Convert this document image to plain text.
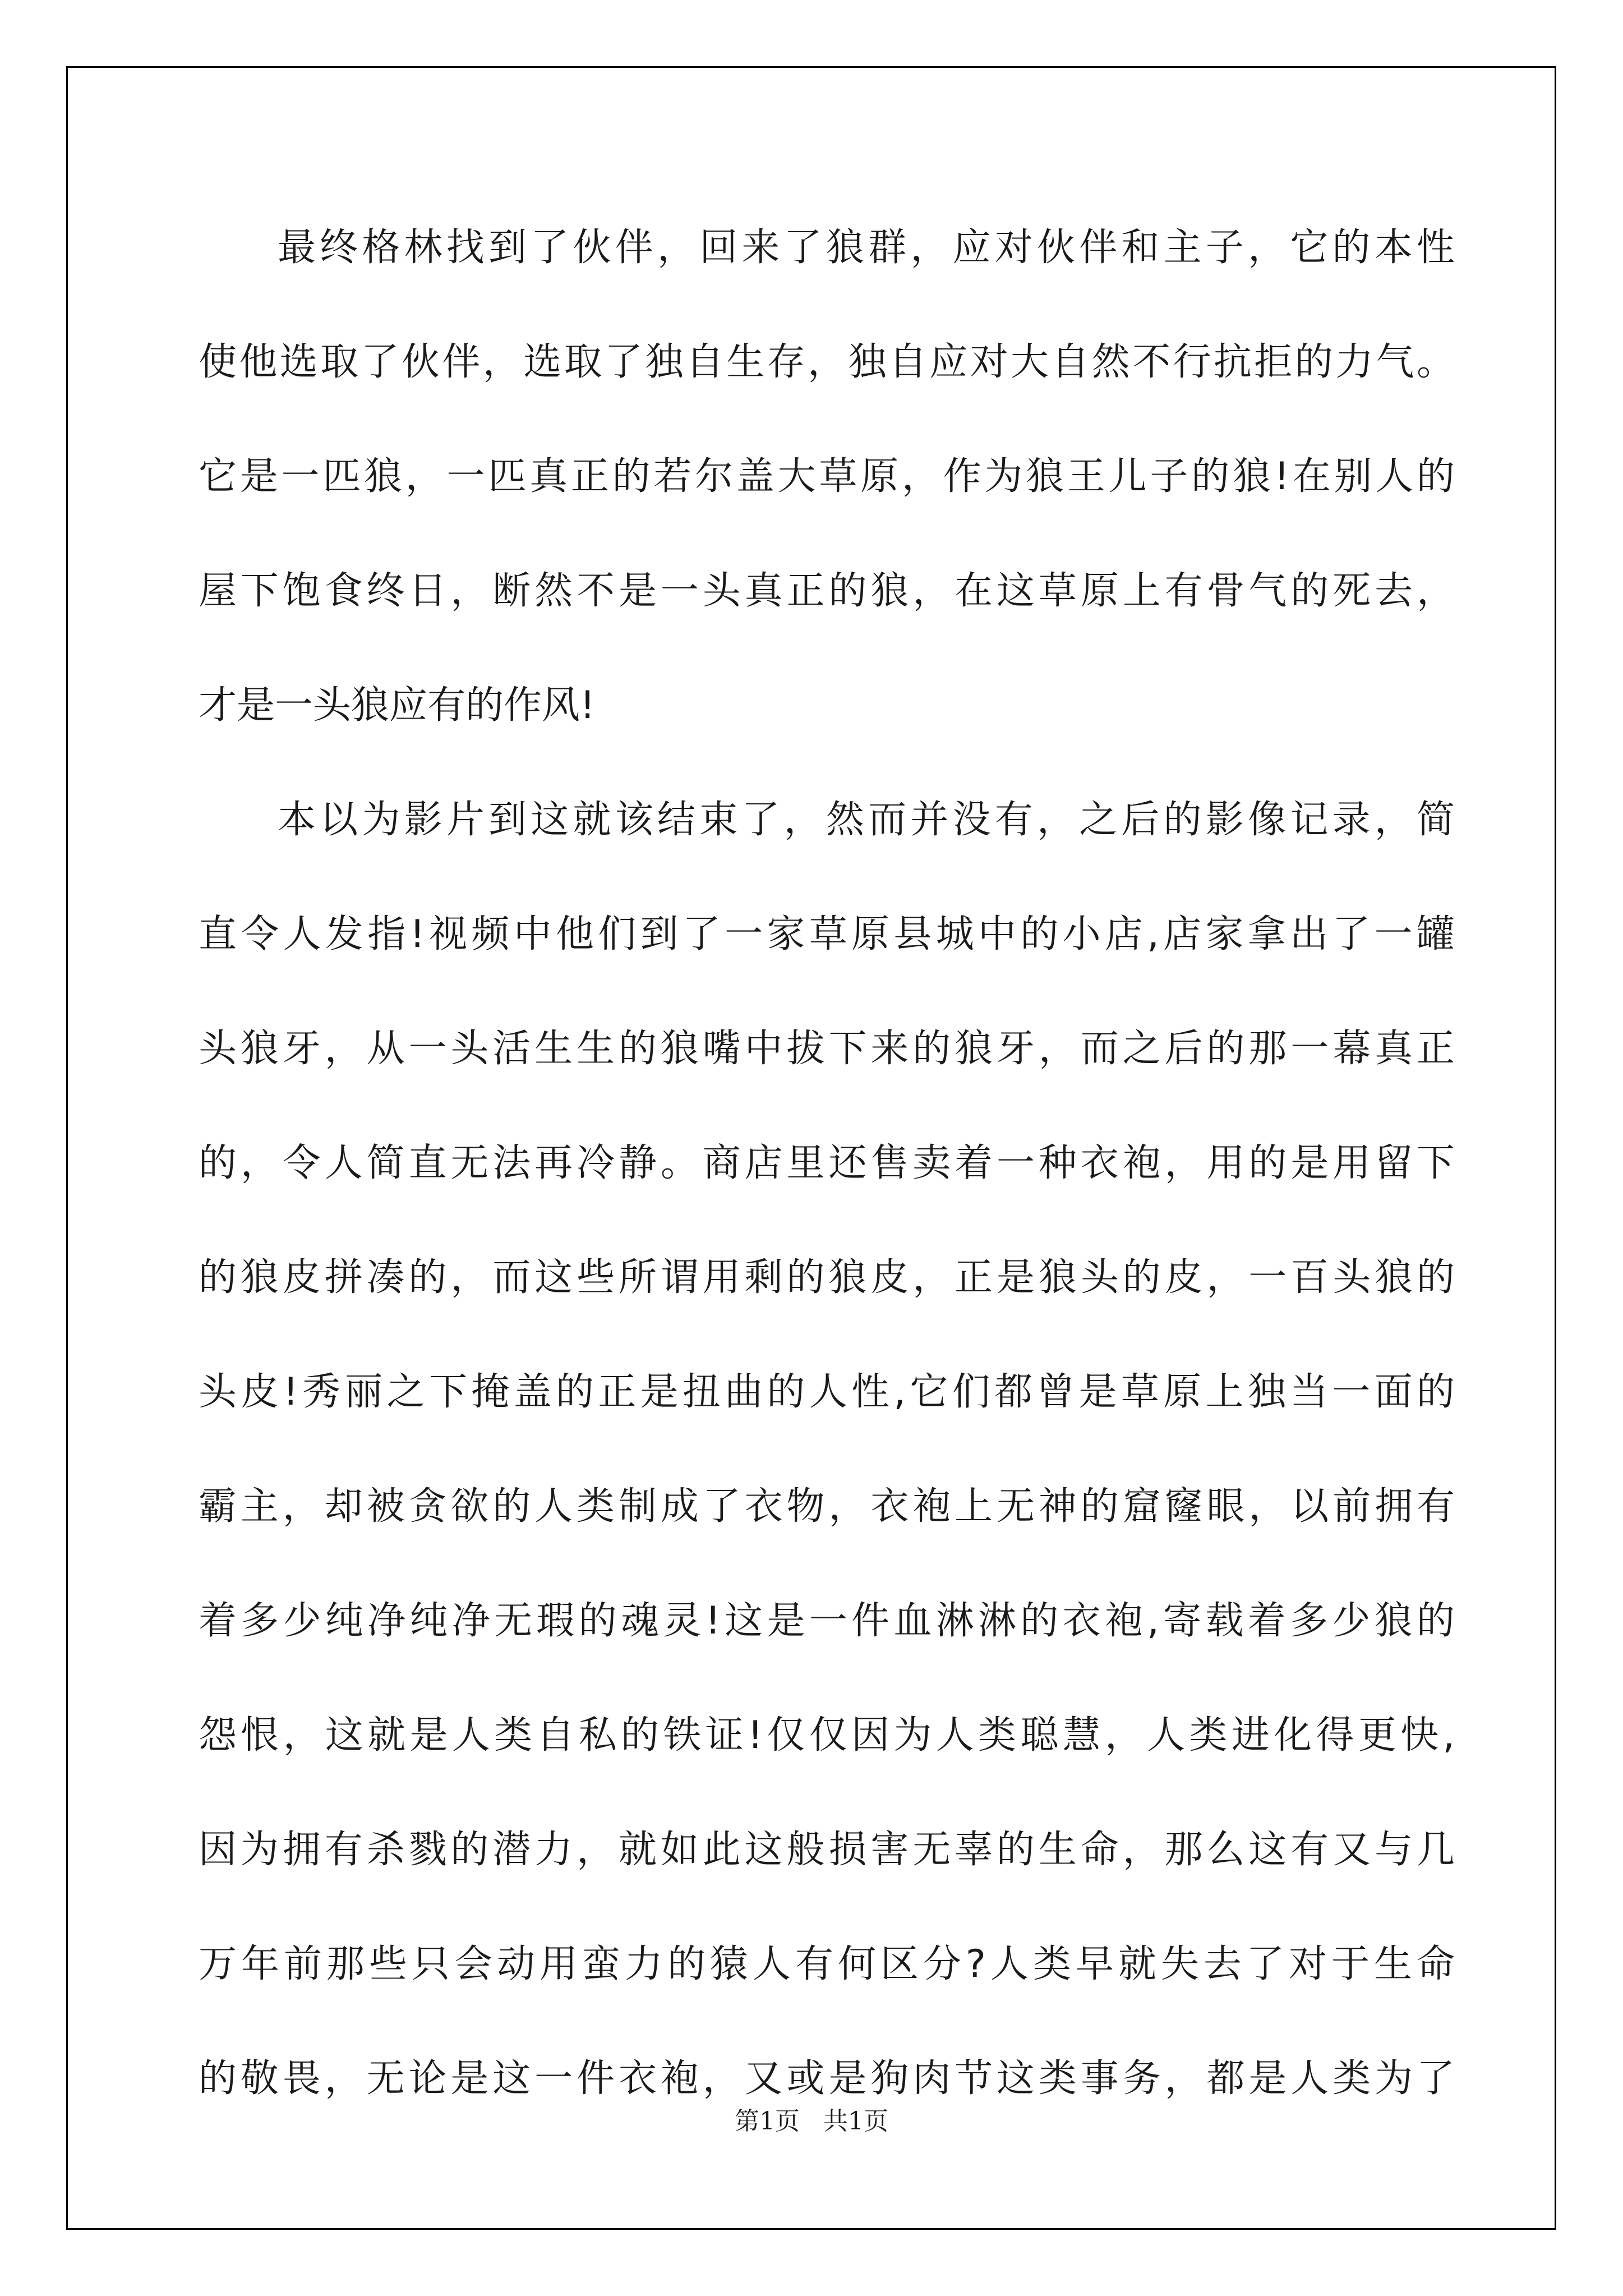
最终格林找到了伙伴，回来了狼群，应对伙伴和主子，它的本性
使他选取了伙伴，选取了独自生存，独自应对大自然不行抗拒的力气。
它是一匹狼，一匹真正的若尔盖大草原，作为狼王儿子的狼!在别人的
屋下饱食终日，断然不是一头真正的狼，在这草原上有骨气的死去，
才是一头狼应有的作风!
本以为影片到这就该结束了，然而并没有，之后的影像记录，简
直令人发指!视频中他们到了一家草原县城中的小店,店家拿出了一罐
头狼牙，从一头活生生的狼嘴中拔下来的狼牙，而之后的那一幕真正
的，令人简直无法再冷静。商店里还售卖着一种衣袍，用的是用留下
的狼皮拼凑的，而这些所谓用剩的狼皮，正是狼头的皮，一百头狼的
头皮!秀丽之下掩盖的正是扭曲的人性,它们都曾是草原上独当一面的
霸主，却被贪欲的人类制成了衣物，衣袍上无神的窟窿眼，以前拥有
着多少纯净纯净无瑕的魂灵!这是一件血淋淋的衣袍,寄载着多少狼的
怨恨，这就是人类自私的铁证!仅仅因为人类聪慧，人类进化得更快,
因为拥有杀戮的潜力，就如此这般损害无辜的生命，那么这有又与几
万年前那些只会动用蛮力的猿人有何区分?人类早就失去了对于生命
的敬畏，无论是这一件衣袍，又或是狗肉节这类事务，都是人类为了
第1页 共1页
